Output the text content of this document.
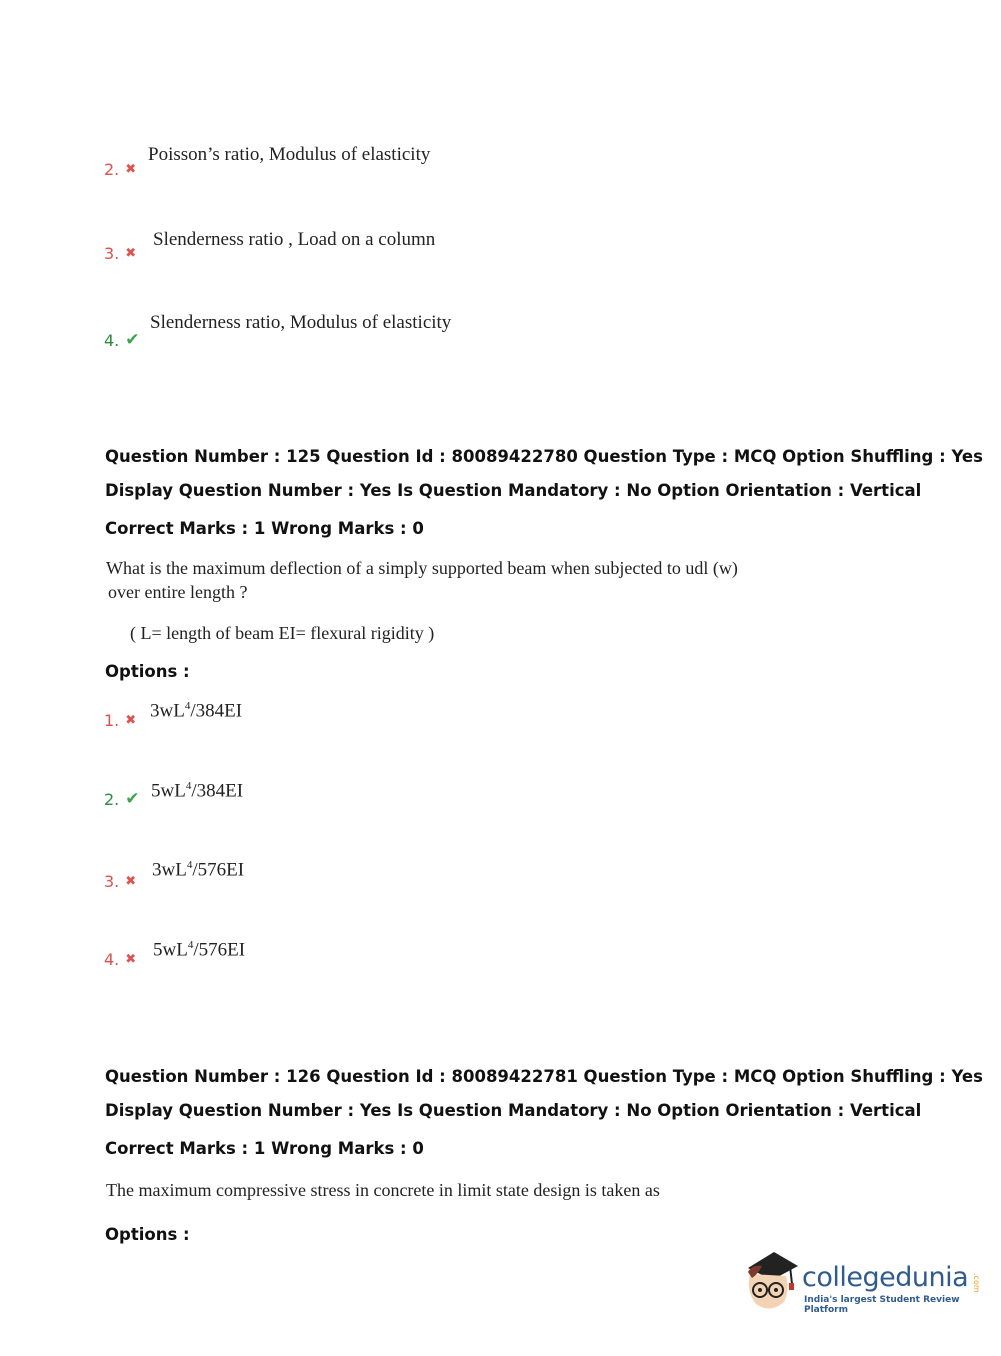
2. ✖
Poisson’s ratio, Modulus of elasticity
3. ✖
Slenderness ratio , Load on a column
4. ✔
Slenderness ratio, Modulus of elasticity
Question Number : 125 Question Id : 80089422780 Question Type : MCQ Option Shuffling : Yes
Display Question Number : Yes Is Question Mandatory : No Option Orientation : Vertical
Correct Marks : 1 Wrong Marks : 0
What is the maximum deflection of a simply supported beam when subjected to udl (w)
over entire length ?
( L= length of beam EI= flexural rigidity )
Options :
1. ✖ $3wL^4/384EI$
2. ✔ $5wL^4/384EI$
3. ✖
$3wL^4/576EI$
4. ✖ $5wL^4/576EI$
Question Number : 126 Question Id : 80089422781 Question Type : MCQ Option Shuffling : Yes
Display Question Number : Yes Is Question Mandatory : No Option Orientation : Vertical
Correct Marks : 1 Wrong Marks : 0
The maximum compressive stress in concrete in limit state design is taken as
Options :
collegedunia .com
India's largest Student Review Platform
